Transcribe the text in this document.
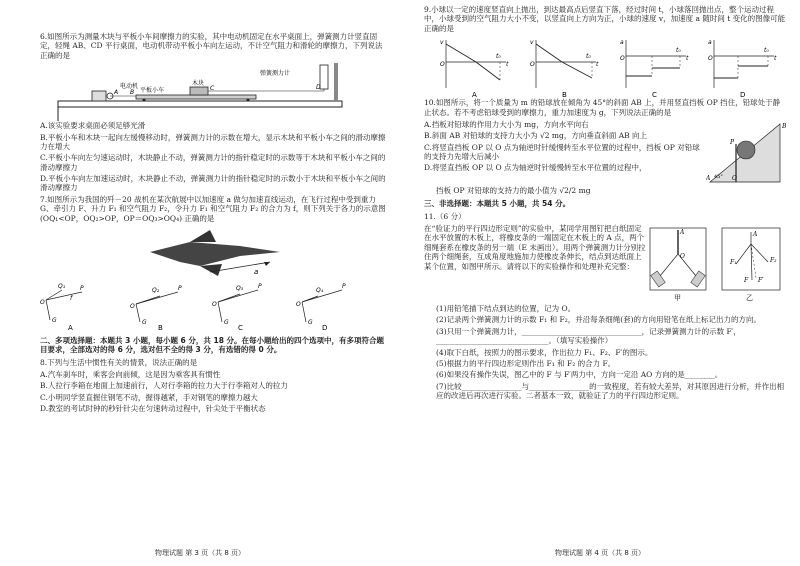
6.如图所示为测量木块与平板小车间摩擦力的实验，其中电动机固定在水平桌面上，弹簧测力计竖直固定，轻绳 AB、CD 平行桌面，电动机带动平板小车向左运动，不计空气阻力和滑轮的摩擦力，下列说法正确的是

电动机
平板小车
木块
弹簧测力计
A B
C	D

A.该实验要求桌面必须足够光滑

B.平板小车和木块一起向左缓慢移动时，弹簧测力计的示数在增大，显示木块和平板小车之间的滑动摩擦力在增大

C.平板小车向左匀速运动时，木块静止不动，弹簧测力计的指针稳定时的示数等于木块和平板小车之间的滑动摩擦力

D.平板小车向左加速运动时，木块静止不动，弹簧测力计的指针稳定时的示数小于木块和平板小车之间的滑动摩擦力

7.如图所示为我国的歼－20 战机在某次航展中以加速度 a 做匀加速直线运动，在飞行过程中受到重力 G、牵引力 F、升力 F₁ 和空气阻力 F₂，令升力 F₁ 和空气阻力 F₂ 的合力为 f，则下列关于各力的示意图 (OQ₁<OP，OQ₂>OP，OP＝OQ₃>OQ₄) 正确的是

a
O
Q₁ P
f
G
A
O
Q₂	P
G
B
O
Q₃ P
G
C
O
Q₄
P
G
D

二、多项选择题：本题共 3 小题，每小题 6 分，共 18 分。在每小题给出的四个选项中，有多项符合题目要求，全部选对的得 6 分，选对但不全的得 3 分，有选错的得 0 分。

8.下列与生活中惯性有关的情景，说法正确的是

A.汽车刹车时，乘客会向前倾，这是因为乘客具有惯性

B.人拉行李箱在地面上加速前行，人对行李箱的拉力大于行李箱对人的拉力

C.小明同学竖直握住钢笔不动，握得越紧，手对钢笔的摩擦力越大

D.教室的考试时钟的秒针针尖在匀速转动过程中，针尖处于平衡状态

物理试题 第 3 页（共 8 页）

9.小球以一定的速度竖直向上抛出，到达最高点后竖直下落，经过时间 t，小球落回抛出点，整个运动过程中，小球受到的空气阻力大小不变，以竖直向上方向为正，小球的速度 v，加速度 a 随时间 t 变化的图像可能正确的是

v
O
t₀
t
A
v
O
t₀
t
B
a
O
t₀
t
C
a
O
t₀
t
D

10.如图所示，将一个质量为 m 的铅球放在倾角为 45°的斜面 AB 上，并用竖直挡板 OP 挡住，铅球处于静止状态。若不考虑铅球受到的摩擦力，重力加速度为 g，下列说法正确的是

A.挡板对铅球的作用力大小为 mg，方向水平向右

B.斜面 AB 对铅球的支持力大小为 √2 mg，方向垂直斜面 AB 向上

C.将竖直挡板 OP 以 O 点为轴逆时针缓慢转至水平位置的过程中，挡板 OP 对铅球的支持力先增大后减小

D.将竖直挡板 OP 以 O 点为轴逆时针缓慢转至水平位置的过程中，

B
P
O
A 45°

挡板 OP 对铅球的支持力的最小值为 √2/2 mg

三、非选择题：本题共 5 小题，共 54 分。

11.（6 分）

在“验证力的平行四边形定则”的实验中，某同学用图钉把白纸固定在水平放置的木板上，将橡皮条的一端固定在木板上的 A 点，两个细绳套系在橡皮条的另一端（E 未画出）。用两个弹簧测力计分别拉住两个细绳套，互成角度地施加力使橡皮条伸长，结点到达纸面上某个位置，如图甲所示。请将以下的实验操作和处理补充完整：

A
O
甲
A
F₁	F₂
F F′
乙

(1)用铅笔描下结点到达的位置，记为 O。

(2)记录两个弹簧测力计的示数 F₁ 和 F₂，并沿每条细绳(套)的方向用铅笔在纸上标记出力的方向。

(3)只用一个弹簧测力计，________________________________，记录弹簧测力计的示数 F′，______________________________。（填写实验操作）

(4)取下白纸，按照力的图示要求，作出拉力 F₁、F₂、F′的图示。

(5)根据力的平行四边形定则作出 F₁ 和 F₂ 的合力 F。

(6)如果没有操作失误，图乙中的 F 与 F′两力中，方向一定沿 AO 方向的是________。

(7)比较________________与________________的一致程度，若有较大差异，对其原因进行分析，并作出相应的改进后再次进行实验。二者基本一致，就验证了力的平行四边形定则。

物理试题 第 4 页（共 8 页）
